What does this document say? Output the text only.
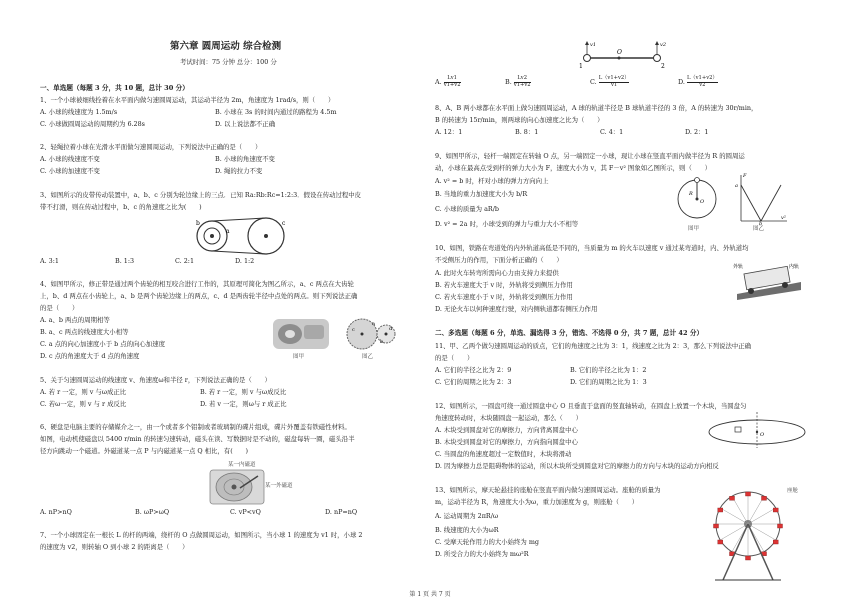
第六章 圆周运动 综合检测
考试时间：75 分钟 总分：100 分
一、单选题（每题 3 分，共 10 题，总计 30 分）
1、一个小球被细线拴着在水平面内做匀速圆周运动，其运动半径为 2m，角速度为 1rad/s，则（　　）
A. 小球的线速度为 1.5m/s	B. 小球在 3s 的时间内通过的路程为 4.5m
C. 小球做圆周运动的周期约为 6.28s	D. 以上说法都不正确
2、轻绳拉着小球在光滑水平面做匀速圆周运动，下列说法中正确的是（　　）
A. 小球的线速度不变	B. 小球的角速度不变
C. 小球的加速度不变	D. 绳的拉力不变
3、如图所示的皮带传动装置中，a、b、c 分别为轮边缘上的三点．已知 Ra:Rb:Rc=1:2:3．假设在传动过程中皮
带不打滑，则在传动过程中，b、c 的角速度之比为(　　)
a
b	c
A. 3:1	B. 1:3	C. 2:1	D. 1:2
4、如图甲所示，修正带是通过两个齿轮的相互咬合进行工作的，其原理可简化为图乙所示，a、c 两点在大齿轮
上，b、d 两点在小齿轮上，a、b 是两个齿轮边缘上的两点，c、d 是两齿轮半径中点处的两点。则下列说法正确
的是（　　）
A. a、b 两点的周期相等
B. a、c 两点的线速度大小相等
C. a 点的向心加速度小于 b 点的向心加速度
D. c 点的角速度大于 d 点的角速度
c
a
d
b
图甲	图乙
5、关于匀速圆周运动的线速度 v、角速度ω和半径 r，下列说法正确的是（　　）
A. 若 r 一定，则 v 与ω成正比	B. 若 r 一定，则 v 与ω成反比
C. 若ω一定，则 v 与 r 成反比	D. 若 v 一定，则ω与 r 成正比
6、硬盘是电脑主要的存储媒介之一，由一个或者多个铝制或者玻璃制的碟片组成，碟片外覆盖有铁磁性材料。
如图，电动机使磁盘以 5400 r/min 的转速匀速转动，磁头在读、写数据时是不动的，磁盘每转一圈，磁头沿半
径方向跳动一个磁道。外磁道某一点 P 与内磁道某一点 Q 相比，有(　　)
某一内磁道
某一外磁道
A. nP>nQ	B. ωP>ωQ	C. vP<vQ	D. nP=nQ
7、一个小球固定在一根长 L 的杆的两端，绕杆的 O 点做圆周运动，如图所示，当小球 1 的速度为 v1 时，小球 2
的速度为 v2，则转轴 O 到小球 2 的距离是（　　）
1	2
O
v1	v2
A. $\frac{Lv1}{v1+v2}$	B. $\frac{Lv2}{v1+v2}$	C. $\frac{L(v1+v2)}{v1}$	D. $\frac{L(v1+v2)}{v2}$
8、A、B 两小球都在水平面上做匀速圆周运动，A 球的轨道半径是 B 球轨道半径的 3 倍，A 的转速为 30r/min，
B 的转速为 15r/min，则两球的向心加速度之比为（　　）
A. 12：1	B. 8：1	C. 4：1	D. 2：1
9、如图甲所示，轻杆一端固定在转轴 O 点，另一端固定一小球，现让小球在竖直平面内做半径为 R 的圆周运
动，小球在最高点受到杆的弹力大小为 F，速度大小为 v，其 F－v² 图象如乙图所示，则（　　）
A. v² = b 时，杆对小球的弹力方向向上
B. 当地的重力加速度大小为 b/R
C. 小球的质量为 aR/b
D. v² = 2a 时，小球受到的弹力与重力大小不相等
R
O
a
b
F
v²
图甲	图乙
10、如图，铁路在弯道处的内外轨道高低是不同的，当质量为 m 的火车以速度 v 通过某弯道时，内、外轨道均
不受侧压力的作用，下面分析正确的（　　）
A. 此时火车转弯所需向心力由支持力来提供
B. 若火车速度大于 v 时，外轨将受到侧压力作用
C. 若火车速度小于 v 时，外轨将受到侧压力作用
D. 无论火车以何种速度行驶，对内侧轨道都有侧压力作用
外轨	内轨
二、多选题（每题 6 分，单选、漏选得 3 分，错选、不选得 0 分，共 7 题，总计 42 分）
11、甲、乙两个做匀速圆周运动的质点，它们的角速度之比为 3：1，线速度之比为 2：3，那么下列说法中正确
的是（　　）
A. 它们的半径之比为 2：9	B. 它们的半径之比为 1：2
C. 它们的周期之比为 2：3	D. 它们的周期之比为 1：3
12、如图所示，一圆盘可绕一通过圆盘中心 O 且垂直于盘面的竖直轴转动，在圆盘上放置一个木块，当圆盘匀
角速度转动时，木块随圆盘一起运动，那么（　　）
A. 木块受到圆盘对它的摩擦力，方向背离圆盘中心
B. 木块受到圆盘对它的摩擦力，方向指向圆盘中心
C. 当圆盘的角速度超过一定数值时，木块将滑动
D. 因为摩擦力总是阻碍物体的运动，所以木块所受到圆盘对它的摩擦力的方向与木块的运动方向相反
O
13、如图所示，摩天轮悬挂的座舱在竖直平面内做匀速圆周运动。座舱的质量为
m，运动半径为 R，角速度大小为ω，重力加速度为 g，则座舱（　　）
A. 运动周期为 2πR/ω
B. 线速度的大小为ωR
C. 受摩天轮作用力的大小始终为 mg
D. 所受合力的大小始终为 mω²R
座舱
第 1 页 共 7 页
